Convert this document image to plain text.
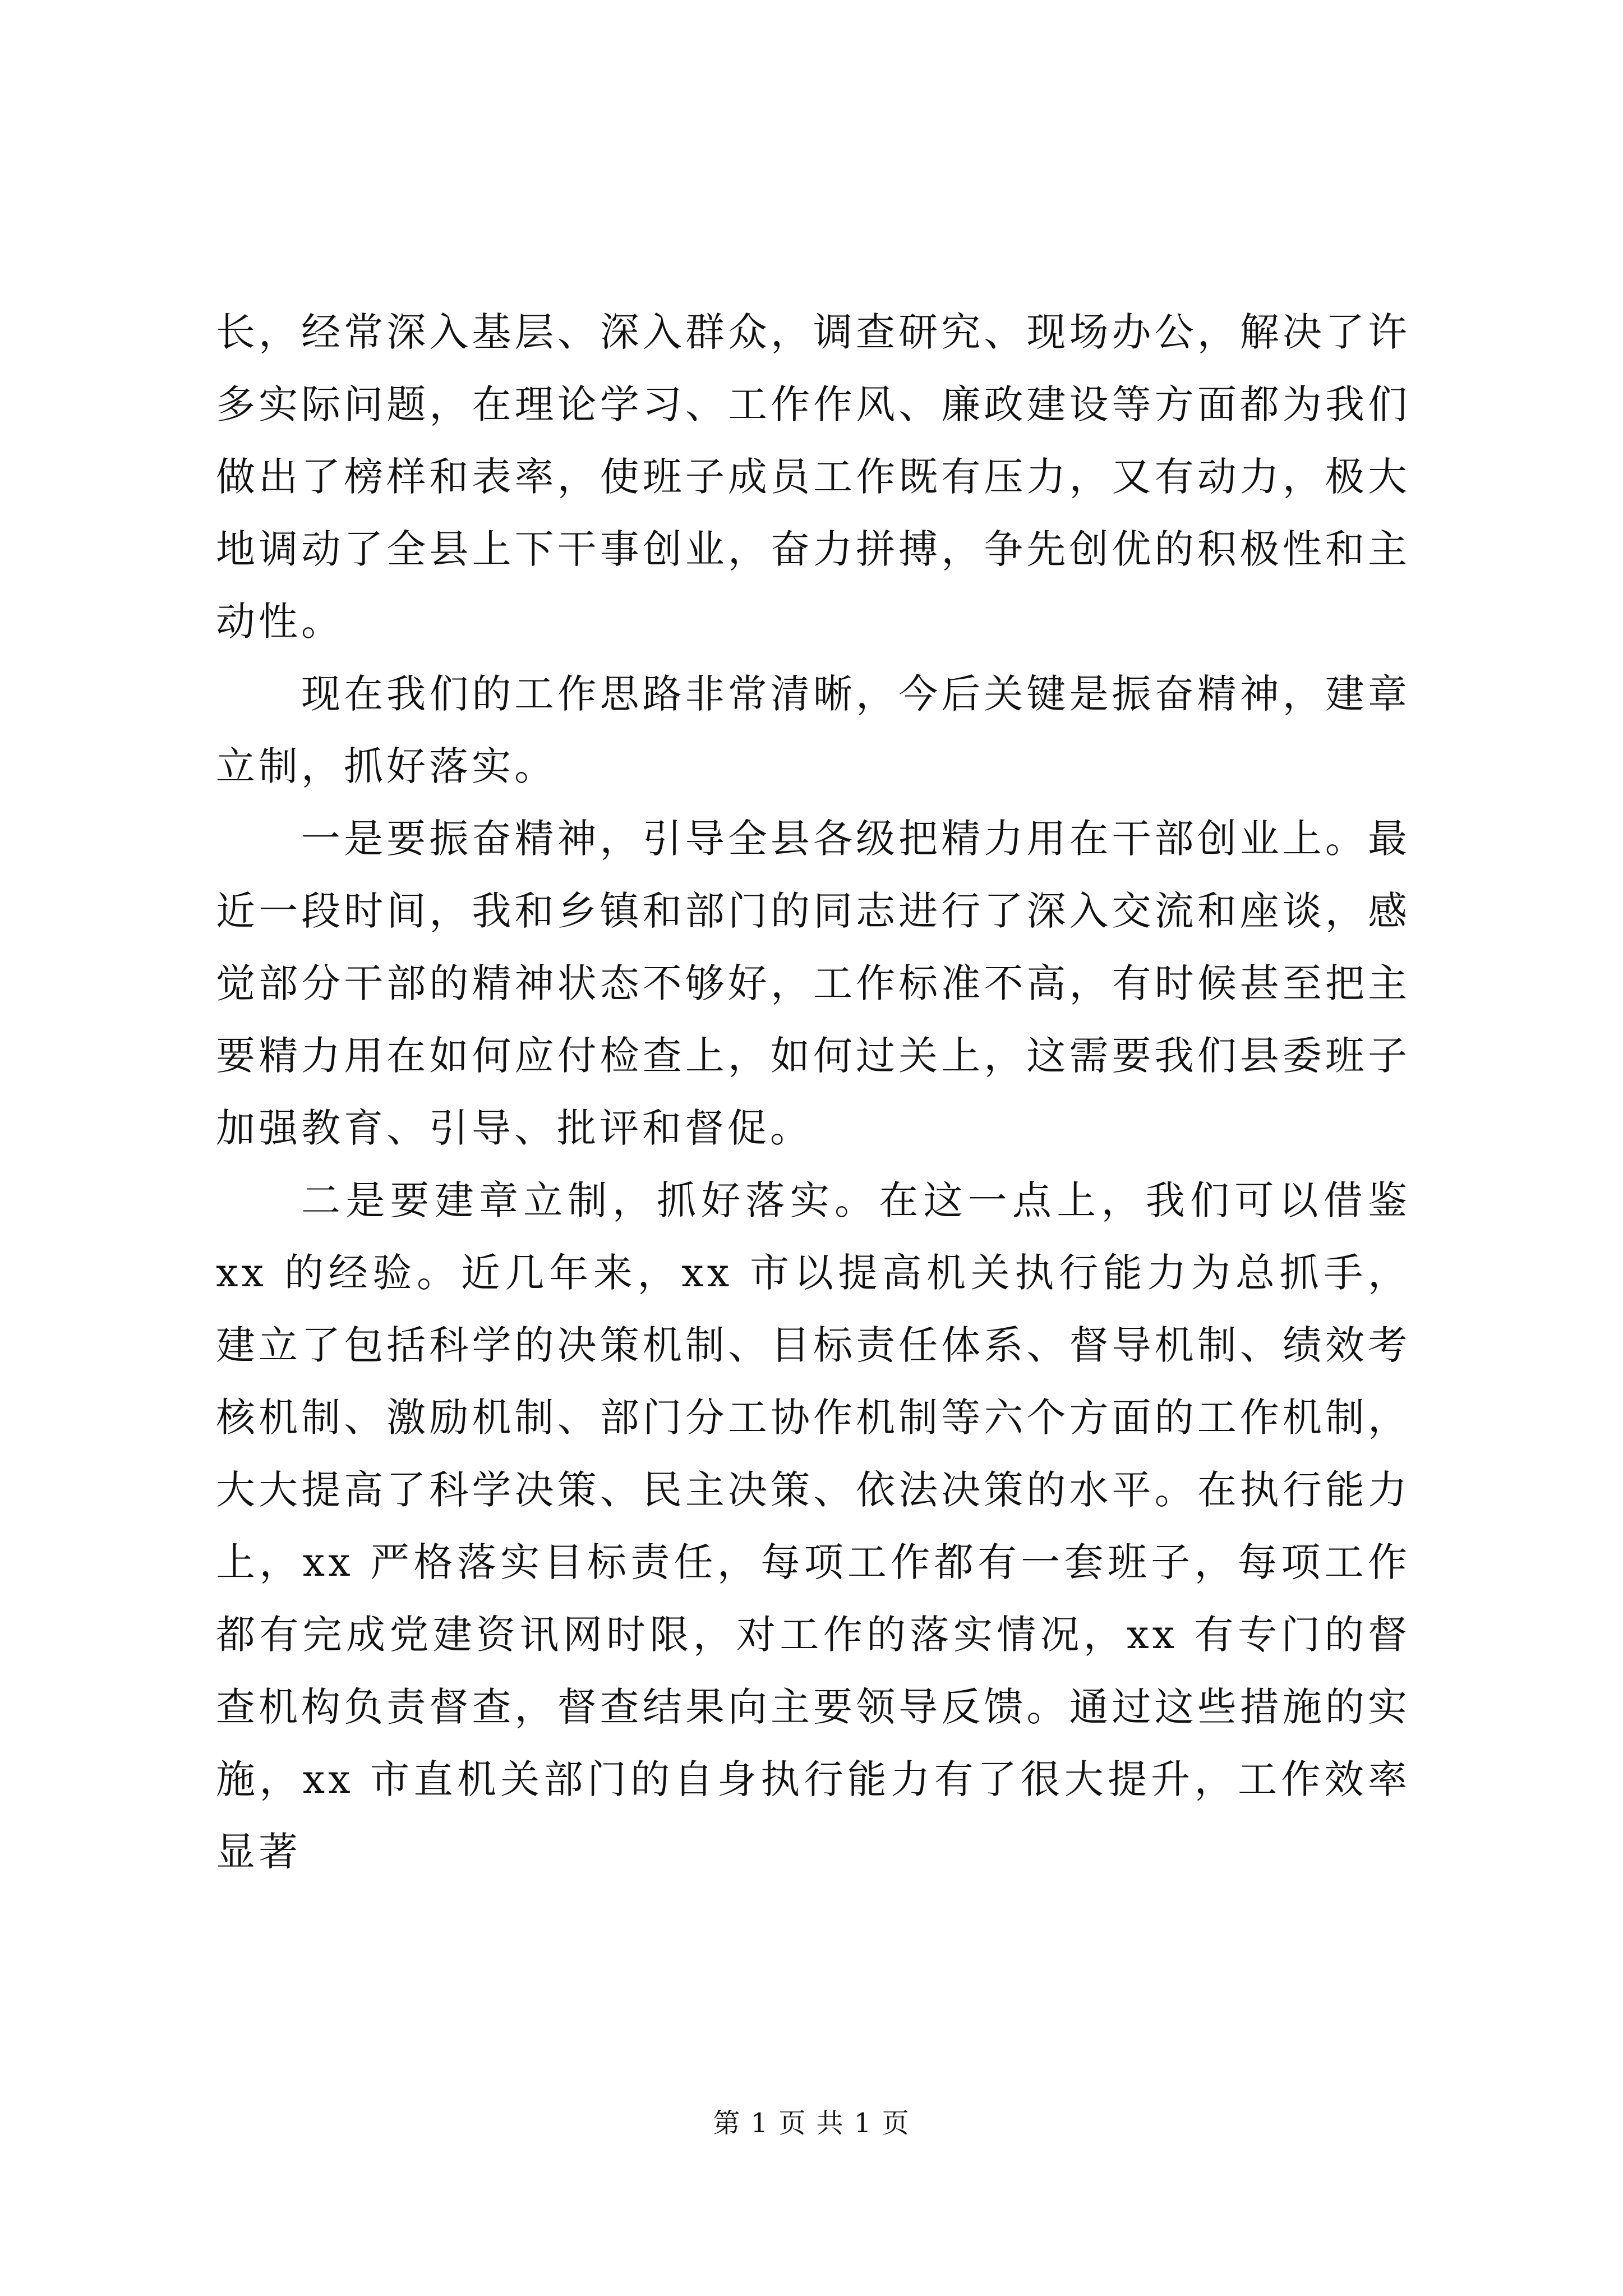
长，经常深入基层、深入群众，调查研究、现场办公，解决了许多实际问题，在理论学习、工作作风、廉政建设等方面都为我们做出了榜样和表率，使班子成员工作既有压力，又有动力，极大地调动了全县上下干事创业，奋力拼搏，争先创优的积极性和主动性。

现在我们的工作思路非常清晰，今后关键是振奋精神，建章立制，抓好落实。

一是要振奋精神，引导全县各级把精力用在干部创业上。最近一段时间，我和乡镇和部门的同志进行了深入交流和座谈，感觉部分干部的精神状态不够好，工作标准不高，有时候甚至把主要精力用在如何应付检查上，如何过关上，这需要我们县委班子加强教育、引导、批评和督促。

二是要建章立制，抓好落实。在这一点上，我们可以借鉴 xx 的经验。近几年来，xx 市以提高机关执行能力为总抓手，建立了包括科学的决策机制、目标责任体系、督导机制、绩效考核机制、激励机制、部门分工协作机制等六个方面的工作机制，大大提高了科学决策、民主决策、依法决策的水平。在执行能力上，xx 严格落实目标责任，每项工作都有一套班子，每项工作都有完成党建资讯网时限，对工作的落实情况，xx 有专门的督查机构负责督查，督查结果向主要领导反馈。通过这些措施的实施，xx 市直机关部门的自身执行能力有了很大提升，工作效率显著

第 1 页 共 1 页
